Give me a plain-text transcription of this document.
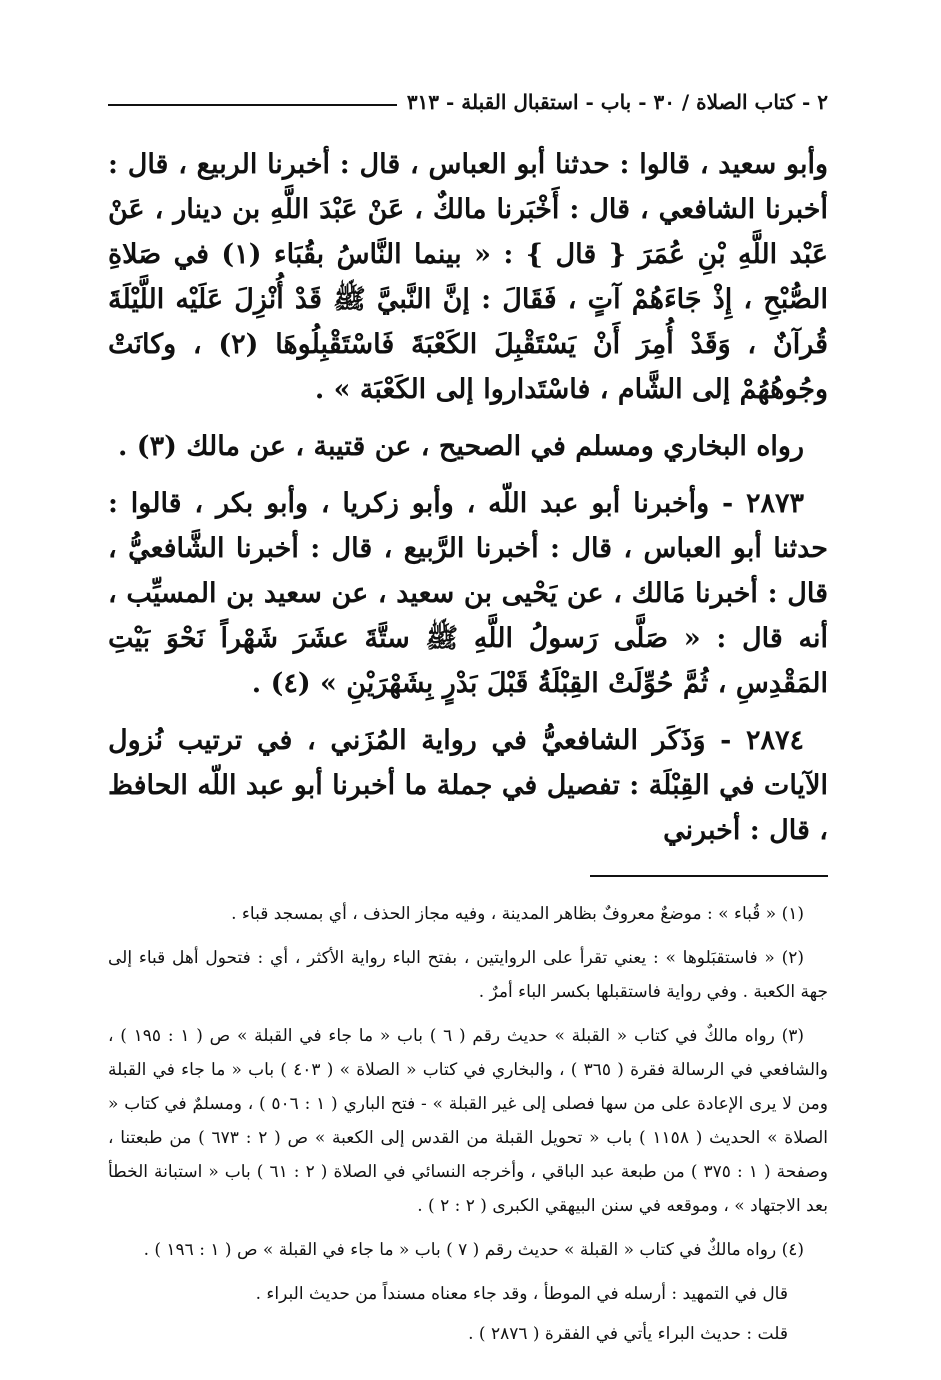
٢ - كتاب الصلاة / ٣٠ - باب - استقبال القبلة - ٣١٣

وأبو سعيد ، قالوا : حدثنا أبو العباس ، قال : أخبرنا الربيع ، قال : أخبرنا الشافعي ، قال : أَخْبَرنا مالكٌ ، عَنْ عَبْدَ اللَّهِ بن دينار ، عَنْ عَبْد اللَّهِ بْنِ عُمَرَ { قال } : « بينما النَّاسُ بقُبَاء (١) في صَلاةِ الصُّبْحِ ، إِذْ جَاءَهُمْ آتٍ ، فَقَالَ : إنَّ النَّبيَّ ﷺ قَدْ أُنْزِلَ عَلَيْه اللَّيْلَةَ قُرآنٌ ، وَقَدْ أُمِرَ أَنْ يَسْتَقْبِلَ الكَعْبَةَ فَاسْتَقْبِلُوهَا (٢) ، وكانَتْ وجُوهُهُمْ إلى الشَّام ، فاسْتَداروا إلى الكَعْبَة » .

رواه البخاري ومسلم في الصحيح ، عن قتيبة ، عن مالك (٣) .

٢٨٧٣ - وأخبرنا أبو عبد اللّه ، وأبو زكريا ، وأبو بكر ، قالوا : حدثنا أبو العباس ، قال : أخبرنا الرَّبيع ، قال : أخبرنا الشَّافعيُّ ، قال : أخبرنا مَالك ، عن يَحْيى بن سعيد ، عن سعيد بن المسيِّب ، أنه قال : « صَلَّى رَسولُ اللَّهِ ﷺ ستَّةَ عشَرَ شَهْراً نَحْوَ بَيْتِ المَقْدِسِ ، ثُمَّ حُوِّلَتْ القِبْلَةُ قَبْلَ بَدْرٍ بِشَهْرَيْنِ » (٤) .

٢٨٧٤ - وَذَكَر الشافعيُّ في رواية المُزَني ، في ترتيب نُزول الآيات في القِبْلَة : تفصيل في جملة ما أخبرنا أبو عبد اللّه الحافظ ، قال : أخبرني

(١) « قُباء » : موضعٌ معروفٌ بظاهر المدينة ، وفيه مجاز الحذف ، أي بمسجد قباء .

(٢) « فاستقبَلوها » : يعني تقرأ على الروايتين ، بفتح الباء رواية الأكثر ، أي : فتحول أهل قباء إلى جهة الكعبة . وفي رواية فاستقبلها بكسر الباء أمرٌ .

(٣) رواه مالكٌ في كتاب « القبلة » حديث رقم ( ٦ ) باب « ما جاء في القبلة » ص ( ١ : ١٩٥ ) ، والشافعي في الرسالة فقرة ( ٣٦٥ ) ، والبخاري في كتاب « الصلاة » ( ٤٠٣ ) باب « ما جاء في القبلة ومن لا يرى الإعادة على من سها فصلى إلى غير القبلة » - فتح الباري ( ١ : ٥٠٦ ) ، ومسلمٌ في كتاب « الصلاة » الحديث ( ١١٥٨ ) باب « تحويل القبلة من القدس إلى الكعبة » ص ( ٢ : ٦٧٣ ) من طبعتنا ، وصفحة ( ١ : ٣٧٥ ) من طبعة عبد الباقي ، وأخرجه النسائي في الصلاة ( ٢ : ٦١ ) باب « استبانة الخطأ بعد الاجتهاد » ، وموقعه في سنن البيهقي الكبرى ( ٢ : ٢ ) .

(٤) رواه مالكٌ في كتاب « القبلة » حديث رقم ( ٧ ) باب « ما جاء في القبلة » ص ( ١ : ١٩٦ ) .

قال في التمهيد : أرسله في الموطأ ، وقد جاء معناه مسنداً من حديث البراء .

قلت : حديث البراء يأتي في الفقرة ( ٢٨٧٦ ) .
